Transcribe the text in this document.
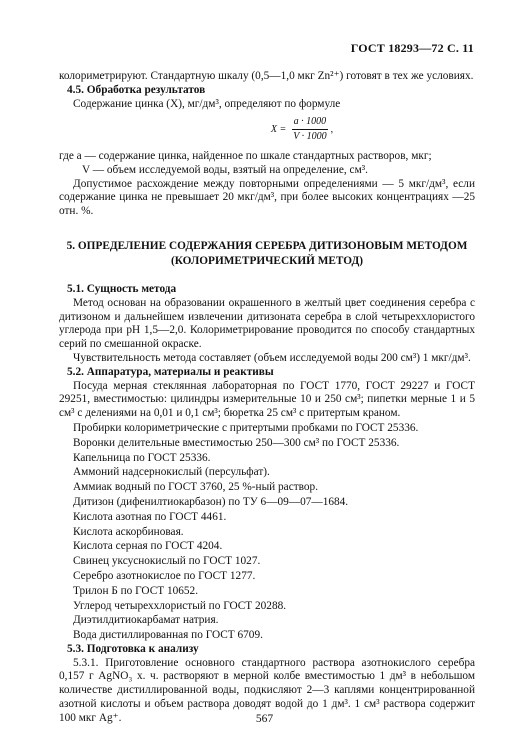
ГОСТ 18293—72 С. 11

колориметрируют. Стандартную шкалу (0,5—1,0 мкг Zn²⁺) готовят в тех же условиях.

4.5. Обработка результатов

Содержание цинка (X), мг/дм³, определяют по формуле

$X = \frac{a \cdot 1000}{V \cdot 1000}$ ,

где a — содержание цинка, найденное по шкале стандартных растворов, мкг;

V — объем исследуемой воды, взятый на определение, см³.

Допустимое расхождение между повторными определениями — 5 мкг/дм³, если содержание цинка не превышает 20 мкг/дм³, при более высоких концентрациях —25 отн. %.

5. ОПРЕДЕЛЕНИЕ СОДЕРЖАНИЯ СЕРЕБРА ДИТИЗОНОВЫМ МЕТОДОМ
(КОЛОРИМЕТРИЧЕСКИЙ МЕТОД)

5.1. Сущность метода

Метод основан на образовании окрашенного в желтый цвет соединения серебра с дитизоном и дальнейшем извлечении дитизоната серебра в слой четыреххлористого углерода при pH 1,5—2,0. Колориметрирование проводится по способу стандартных серий по смешанной окраске.

Чувствительность метода составляет (объем исследуемой воды 200 см³) 1 мкг/дм³.

5.2. Аппаратура, материалы и реактивы

Посуда мерная стеклянная лабораторная по ГОСТ 1770, ГОСТ 29227 и ГОСТ 29251, вместимостью: цилиндры измерительные 10 и 250 см³; пипетки мерные 1 и 5 см³ с делениями на 0,01 и 0,1 см³; бюретка 25 см³ с притертым краном.

Пробирки колориметрические с притертыми пробками по ГОСТ 25336.

Воронки делительные вместимостью 250—300 см³ по ГОСТ 25336.

Капельница по ГОСТ 25336.

Аммоний надсернокислый (персульфат).

Аммиак водный по ГОСТ 3760, 25 %-ный раствор.

Дитизон (дифенилтиокарбазон) по ТУ 6—09—07—1684.

Кислота азотная по ГОСТ 4461.

Кислота аскорбиновая.

Кислота серная по ГОСТ 4204.

Свинец уксуснокислый по ГОСТ 1027.

Серебро азотнокислое по ГОСТ 1277.

Трилон Б по ГОСТ 10652.

Углерод четыреххлористый по ГОСТ 20288.

Диэтилдитиокарбамат натрия.

Вода дистиллированная по ГОСТ 6709.

5.3. Подготовка к анализу

5.3.1. Приготовление основного стандартного раствора азотнокислого серебра 0,157 г AgNO₃ х. ч. растворяют в мерной колбе вместимостью 1 дм³ в небольшом количестве дистиллированной воды, подкисляют 2—3 каплями концентрированной азотной кислоты и объем раствора доводят водой до 1 дм³. 1 см³ раствора содержит 100 мкг Ag⁺.	567
